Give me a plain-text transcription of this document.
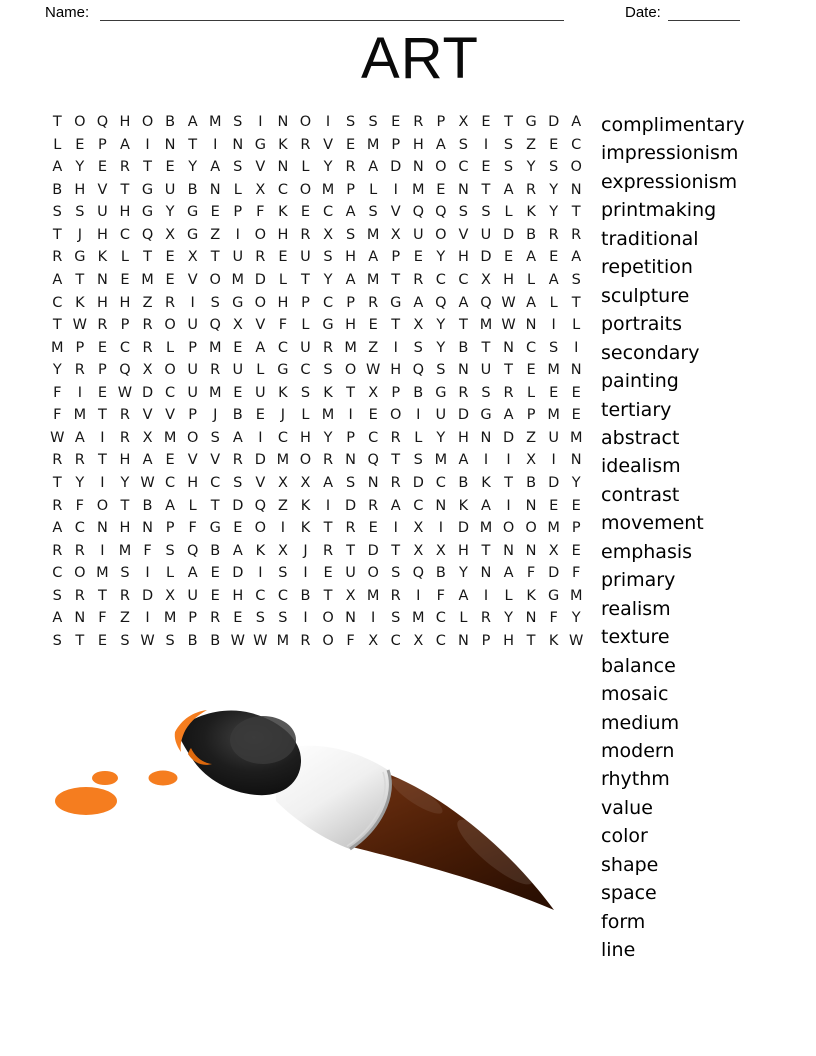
Name:	Date:
ART
T O Q H O B A M S I N O I S S E R P X E T G D A
L E P A I N T I N G K R V E M P H A S I S Z E C
A Y E R T E Y A S V N L Y R A D N O C E S Y S O
B H V T G U B N L X C O M P L I M E N T A R Y N
S S U H G Y G E P F K E C A S V Q Q S S L K Y T
T J H C Q X G Z I O H R X S M X U O V U D B R R
R G K L T E X T U R E U S H A P E Y H D E A E A
A T N E M E V O M D L T Y A M T R C C X H L A S
C K H H Z R I S G O H P C P R G A Q A Q W A L T
T W R P R O U Q X V F L G H E T X Y T M W N I L
M P E C R L P M E A C U R M Z I S Y B T N C S I
Y R P Q X O U R U L G C S O W H Q S N U T E M N
F I E W D C U M E U K S K T X P B G R S R L E E
F M T R V V P J B E J L M I E O I U D G A P M E
W A I R X M O S A I C H Y P C R L Y H N D Z U M
R R T H A E V V R D M O R N Q T S M A I I X I N
T Y I Y W C H C S V X X A S N R D C B K T B D Y
R F O T B A L T D Q Z K I D R A C N K A I N E E
A C N H N P F G E O I K T R E I X I D M O O M P
R R I M F S Q B A K X J R T D T X X H T N N X E
C O M S I L A E D I S I E U O S Q B Y N A F D F
S R T R D X U E H C C B T X M R I F A I L K G M
A N F Z I M P R E S S I O N I S M C L R Y N F Y
S T E S W S B B W W M R O F X C X C N P H T K W
complimentary
impressionism
expressionism
printmaking
traditional
repetition
sculpture
portraits
secondary
painting
tertiary
abstract
idealism
contrast
movement
emphasis
primary
realism
texture
balance
mosaic
medium
modern
rhythm
value
color
shape
space
form
line
